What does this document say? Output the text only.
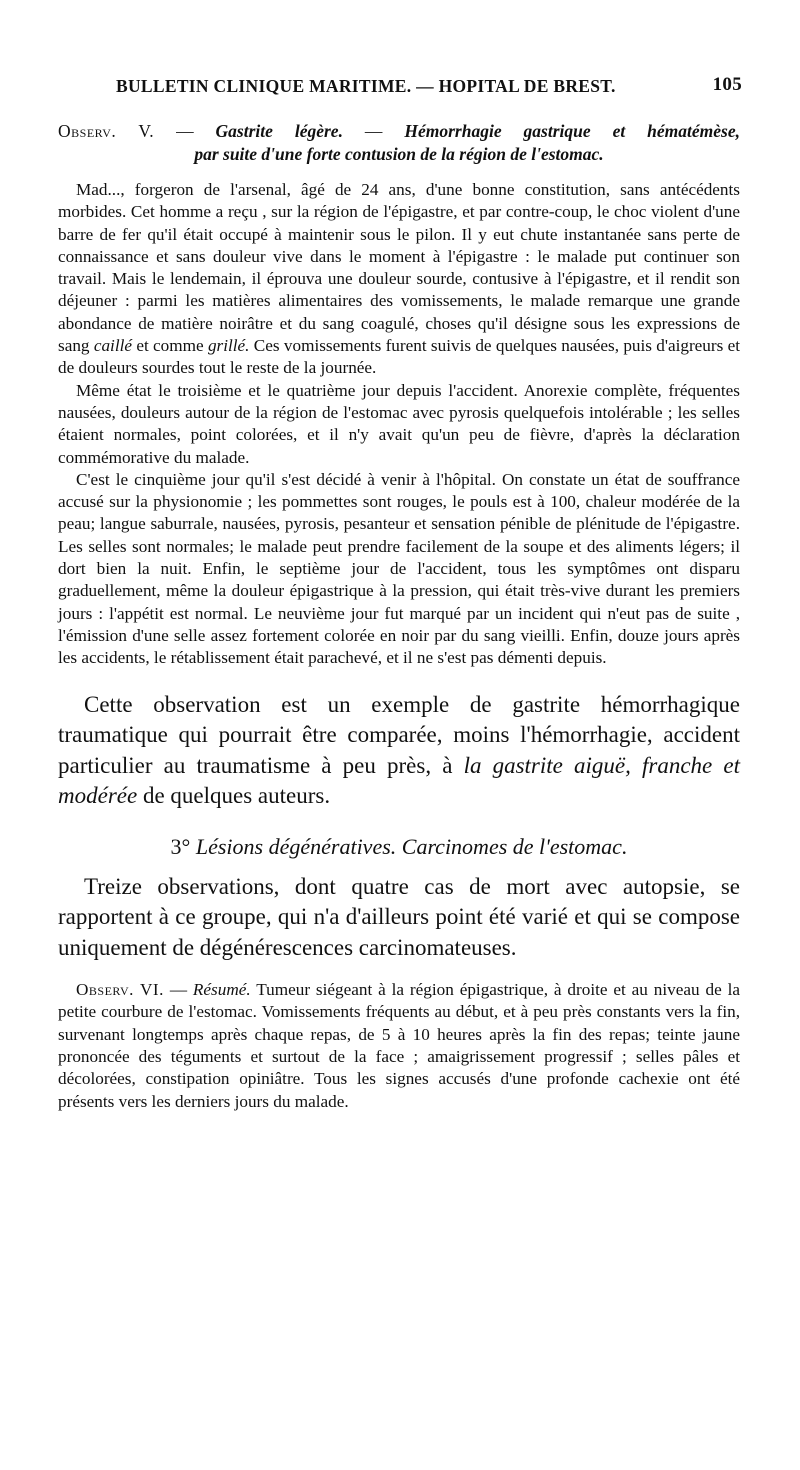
BULLETIN CLINIQUE MARITIME. — HOPITAL DE BREST.	105
Observ. V. — Gastrite légère. — Hémorrhagie gastrique et hématémèse,
par suite d'une forte contusion de la région de l'estomac.

Mad..., forgeron de l'arsenal, âgé de 24 ans, d'une bonne constitution, sans antécédents morbides. Cet homme a reçu , sur la région de l'épigastre, et par contre-coup, le choc violent d'une barre de fer qu'il était occupé à maintenir sous le pilon. Il y eut chute instantanée sans perte de connaissance et sans douleur vive dans le moment à l'épigastre : le malade put continuer son travail. Mais le lendemain, il éprouva une douleur sourde, contusive à l'épigastre, et il rendit son déjeuner : parmi les matières alimentaires des vomissements, le malade remarque une grande abondance de matière noirâtre et du sang coagulé, choses qu'il désigne sous les expressions de sang caillé et comme grillé. Ces vomissements furent suivis de quelques nausées, puis d'aigreurs et de douleurs sourdes tout le reste de la journée.

Même état le troisième et le quatrième jour depuis l'accident. Anorexie complète, fréquentes nausées, douleurs autour de la région de l'estomac avec pyrosis quelquefois intolérable ; les selles étaient normales, point colorées, et il n'y avait qu'un peu de fièvre, d'après la déclaration commémorative du malade.

C'est le cinquième jour qu'il s'est décidé à venir à l'hôpital. On constate un état de souffrance accusé sur la physionomie ; les pommettes sont rouges, le pouls est à 100, chaleur modérée de la peau; langue saburrale, nausées, pyrosis, pesanteur et sensation pénible de plénitude de l'épigastre. Les selles sont normales; le malade peut prendre facilement de la soupe et des aliments légers; il dort bien la nuit. Enfin, le septième jour de l'accident, tous les symptômes ont disparu graduellement, même la douleur épigastrique à la pression, qui était très-vive durant les premiers jours : l'appétit est normal. Le neuvième jour fut marqué par un incident qui n'eut pas de suite , l'émission d'une selle assez fortement colorée en noir par du sang vieilli. Enfin, douze jours après les accidents, le rétablissement était parachevé, et il ne s'est pas démenti depuis.

Cette observation est un exemple de gastrite hémorrhagique traumatique qui pourrait être comparée, moins l'hémorrhagie, accident particulier au traumatisme à peu près, à la gastrite aiguë, franche et modérée de quelques auteurs.

3° Lésions dégénératives. Carcinomes de l'estomac.

Treize observations, dont quatre cas de mort avec autopsie, se rapportent à ce groupe, qui n'a d'ailleurs point été varié et qui se compose uniquement de dégénérescences carcinomateuses.

Observ. VI. — Résumé. Tumeur siégeant à la région épigastrique, à droite et au niveau de la petite courbure de l'estomac. Vomissements fréquents au début, et à peu près constants vers la fin, survenant longtemps après chaque repas, de 5 à 10 heures après la fin des repas; teinte jaune prononcée des téguments et surtout de la face ; amaigrissement progressif ; selles pâles et décolorées, constipation opiniâtre. Tous les signes accusés d'une profonde cachexie ont été présents vers les derniers jours du malade.
